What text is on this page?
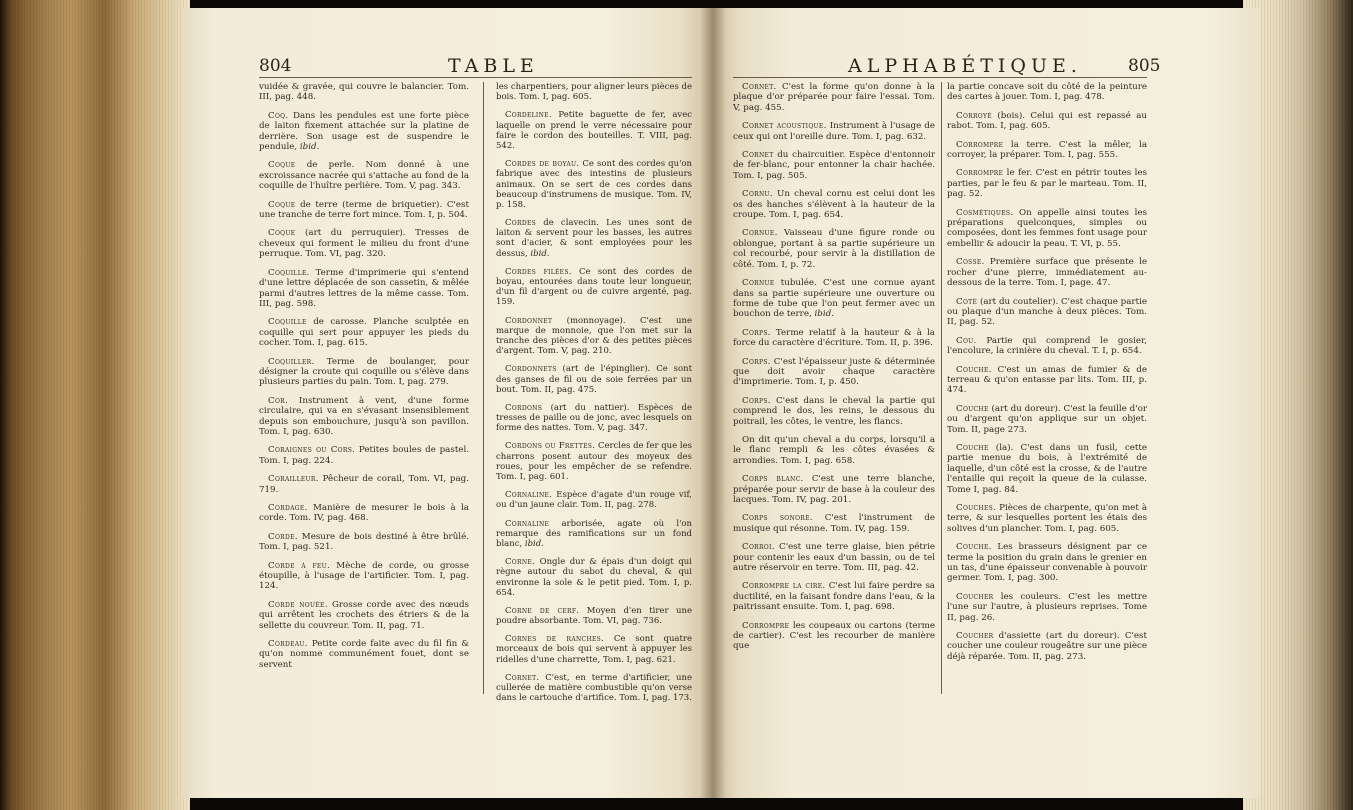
804	TABLE	805
ALPHABÉTIQUE.

vuidée & gravée, qui couvre le balancier. Tom. III, pag. 448.

Coq. Dans les pendules est une forte pièce de laiton fixement attachée sur la platine de derrière. Son usage est de suspendre le pendule, ibid.

Coque de perle. Nom donné à une excroissance nacrée qui s'attache au fond de la coquille de l'huître perlière. Tom. V, pag. 343.

Coque de terre (terme de briquetier). C'est une tranche de terre fort mince. Tom. I, p. 504.

Coque (art du perruquier). Tresses de cheveux qui forment le milieu du front d'une perruque. Tom. VI, pag. 320.

Coquille. Terme d'imprimerie qui s'entend d'une lettre déplacée de son cassetin, & mêlée parmi d'autres lettres de la même casse. Tom. III, pag. 598.

Coquille de carosse. Planche sculptée en coquille qui sert pour appuyer les pieds du cocher. Tom. I, pag. 615.

Coquiller. Terme de boulanger, pour désigner la croute qui coquille ou s'élève dans plusieurs parties du pain. Tom. I, pag. 279.

Cor. Instrument à vent, d'une forme circulaire, qui va en s'évasant insensiblement depuis son embouchure, jusqu'à son pavillon. Tom. I, pag. 630.

Coraignes ou Cors. Petites boules de pastel. Tom. I, pag. 224.

Corailleur. Pêcheur de corail, Tom. VI, pag. 719.

Cordage. Manière de mesurer le bois à la corde. Tom. IV, pag. 468.

Corde. Mesure de bois destiné à être brûlé. Tom. I, pag. 521.

Corde à feu. Mèche de corde, ou grosse étoupille, à l'usage de l'artificier. Tom. I, pag. 124.

Corde nouée. Grosse corde avec des nœuds qui arrêtent les crochets des étriers & de la sellette du couvreur. Tom. II, pag. 71.

Cordeau. Petite corde faite avec du fil fin & qu'on nomme communément fouet, dont se servent

les charpentiers, pour aligner leurs pièces de bois. Tom. I, pag. 605.

Cordeline. Petite baguette de fer, avec laquelle on prend le verre nécessaire pour faire le cordon des bouteilles. T. VIII, pag. 542.

Cordes de boyau. Ce sont des cordes qu'on fabrique avec des intestins de plusieurs animaux. On se sert de ces cordes dans beaucoup d'instrumens de musique. Tom. IV, p. 158.

Cordes de clavecin. Les unes sont de laiton & servent pour les basses, les autres sont d'acier, & sont employées pour les dessus, ibid.

Cordes filées. Ce sont des cordes de boyau, entourées dans toute leur longueur, d'un fil d'argent ou de cuivre argenté, pag. 159.

Cordonnet (monnoyage). C'est une marque de monnoie, que l'on met sur la tranche des pièces d'or & des petites pièces d'argent. Tom. V, pag. 210.

Cordonnets (art de l'épinglier). Ce sont des ganses de fil ou de soie ferrées par un bout. Tom. II, pag. 475.

Cordons (art du nattier). Espèces de tresses de paille ou de jonc, avec lesquels on forme des nattes. Tom. V, pag. 347.

Cordons ou Frettes. Cercles de fer que les charrons posent autour des moyeux des roues, pour les empêcher de se refendre. Tom. I, pag. 601.

Cornaline. Espèce d'agate d'un rouge vif, ou d'un jaune clair. Tom. II, pag. 278.

Cornaline arborisée, agate où l'on remarque des ramifications sur un fond blanc, ibid.

Corne. Ongle dur & épais d'un doigt qui règne autour du sabot du cheval, & qui environne la sole & le petit pied. Tom. I, p. 654.

Corne de cerf. Moyen d'en tirer une poudre absorbante. Tom. VI, pag. 736.

Cornes de ranches. Ce sont quatre morceaux de bois qui servent à appuyer les ridelles d'une charrette, Tom. I, pag. 621.

Cornet. C'est, en terme d'artificier, une cullerée de matière combustible qu'on verse dans le cartouche d'artifice. Tom. I, pag. 173.

Cornet. C'est la forme qu'on donne à la plaque d'or préparée pour faire l'essai. Tom. V, pag. 455.

Cornet acoustique. Instrument à l'usage de ceux qui ont l'oreille dure. Tom. I, pag. 632.

Cornet du chaircuitier. Espèce d'entonnoir de fer-blanc, pour entonner la chair hachée. Tom. I, pag. 505.

Cornu. Un cheval cornu est celui dont les os des hanches s'élèvent à la hauteur de la croupe. Tom. I, pag. 654.

Cornue. Vaisseau d'une figure ronde ou oblongue, portant à sa partie supérieure un col recourbé, pour servir à la distillation de côté. Tom. I, p. 72.

Cornue tubulée. C'est une cornue ayant dans sa partie supérieure une ouverture ou forme de tube que l'on peut fermer avec un bouchon de terre, ibid.

Corps. Terme relatif à la hauteur & à la force du caractère d'écriture. Tom. II, p. 396.

Corps. C'est l'épaisseur juste & déterminée que doit avoir chaque caractère d'imprimerie. Tom. I, p. 450.

Corps. C'est dans le cheval la partie qui comprend le dos, les reins, le dessous du poitrail, les côtes, le ventre, les flancs.

On dit qu'un cheval a du corps, lorsqu'il a le flanc rempli & les côtes évasées & arrondies. Tom. I, pag. 658.

Corps blanc. C'est une terre blanche, préparée pour servir de base à la couleur des lacques. Tom. IV, pag. 201.

Corps sonore. C'est l'instrument de musique qui résonne. Tom. IV, pag. 159.

Corroi. C'est une terre glaise, bien pétrie pour contenir les eaux d'un bassin, ou de tel autre réservoir en terre. Tom. III, pag. 42.

Corrompre la cire. C'est lui faire perdre sa ductilité, en la faisant fondre dans l'eau, & la paitrissant ensuite. Tom. I, pag. 698.

Corrompre les coupeaux ou cartons (terme de cartier). C'est les recourber de manière que

la partie concave soit du côté de la peinture des cartes à jouer. Tom. I, pag. 478.

Corroyé (bois). Celui qui est repassé au rabot. Tom. I, pag. 605.

Corrompre la terre. C'est la mêler, la corroyer, la préparer. Tom. I, pag. 555.

Corrompre le fer. C'est en pétrir toutes les parties, par le feu & par le marteau. Tom. II, pag. 52.

Cosmétiques. On appelle ainsi toutes les préparations quelconques, simples ou composées, dont les femmes font usage pour embellir & adoucir la peau. T. VI, p. 55.

Cosse. Première surface que présente le rocher d'une pierre, immédiatement au-dessous de la terre. Tom. I, page. 47.

Coté (art du coutelier). C'est chaque partie ou plaque d'un manche à deux pièces. Tom. II, pag. 52.

Cou. Partie qui comprend le gosier, l'encolure, la crinière du cheval. T. I, p. 654.

Couche. C'est un amas de fumier & de terreau & qu'on entasse par lits. Tom. III, p. 474.

Couche (art du doreur). C'est la feuille d'or ou d'argent qu'on applique sur un objet. Tom. II, page 273.

Couche (la). C'est dans un fusil, cette partie menue du bois, à l'extrémité de laquelle, d'un côté est la crosse, & de l'autre l'entaille qui reçoit la queue de la culasse. Tome I, pag. 84.

Couches. Pièces de charpente, qu'on met à terre, & sur lesquelles portent les étais des solives d'un plancher. Tom. I, pag. 605.

Couche. Les brasseurs désignent par ce terme la position du grain dans le grenier en un tas, d'une épaisseur convenable à pouvoir germer. Tom. I, pag. 300.

Coucher les couleurs. C'est les mettre l'une sur l'autre, à plusieurs reprises. Tome II, pag. 26.

Coucher d'assiette (art du doreur). C'est coucher une couleur rougeâtre sur une pièce déjà réparée. Tom. II, pag. 273.
